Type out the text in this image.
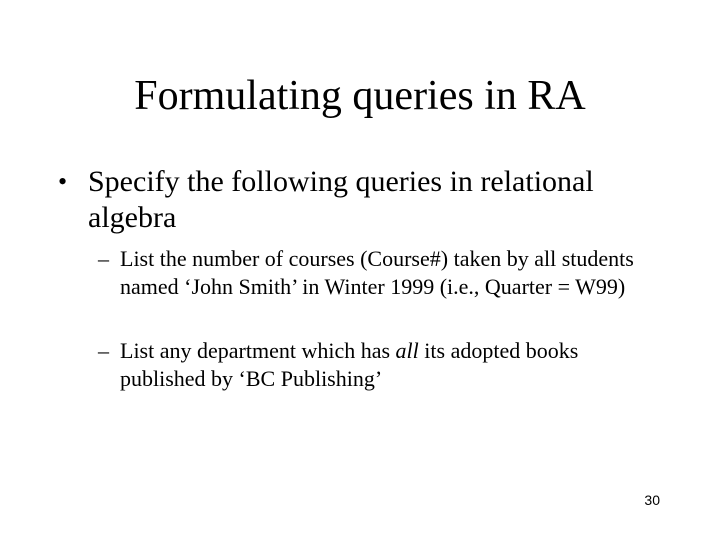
Formulating queries in RA
• Specify the following queries in relational algebra
– List the number of courses (Course#) taken by all students named ‘John Smith’ in Winter 1999 (i.e., Quarter = W99)
– List any department which has all its adopted books published by ‘BC Publishing’
30
